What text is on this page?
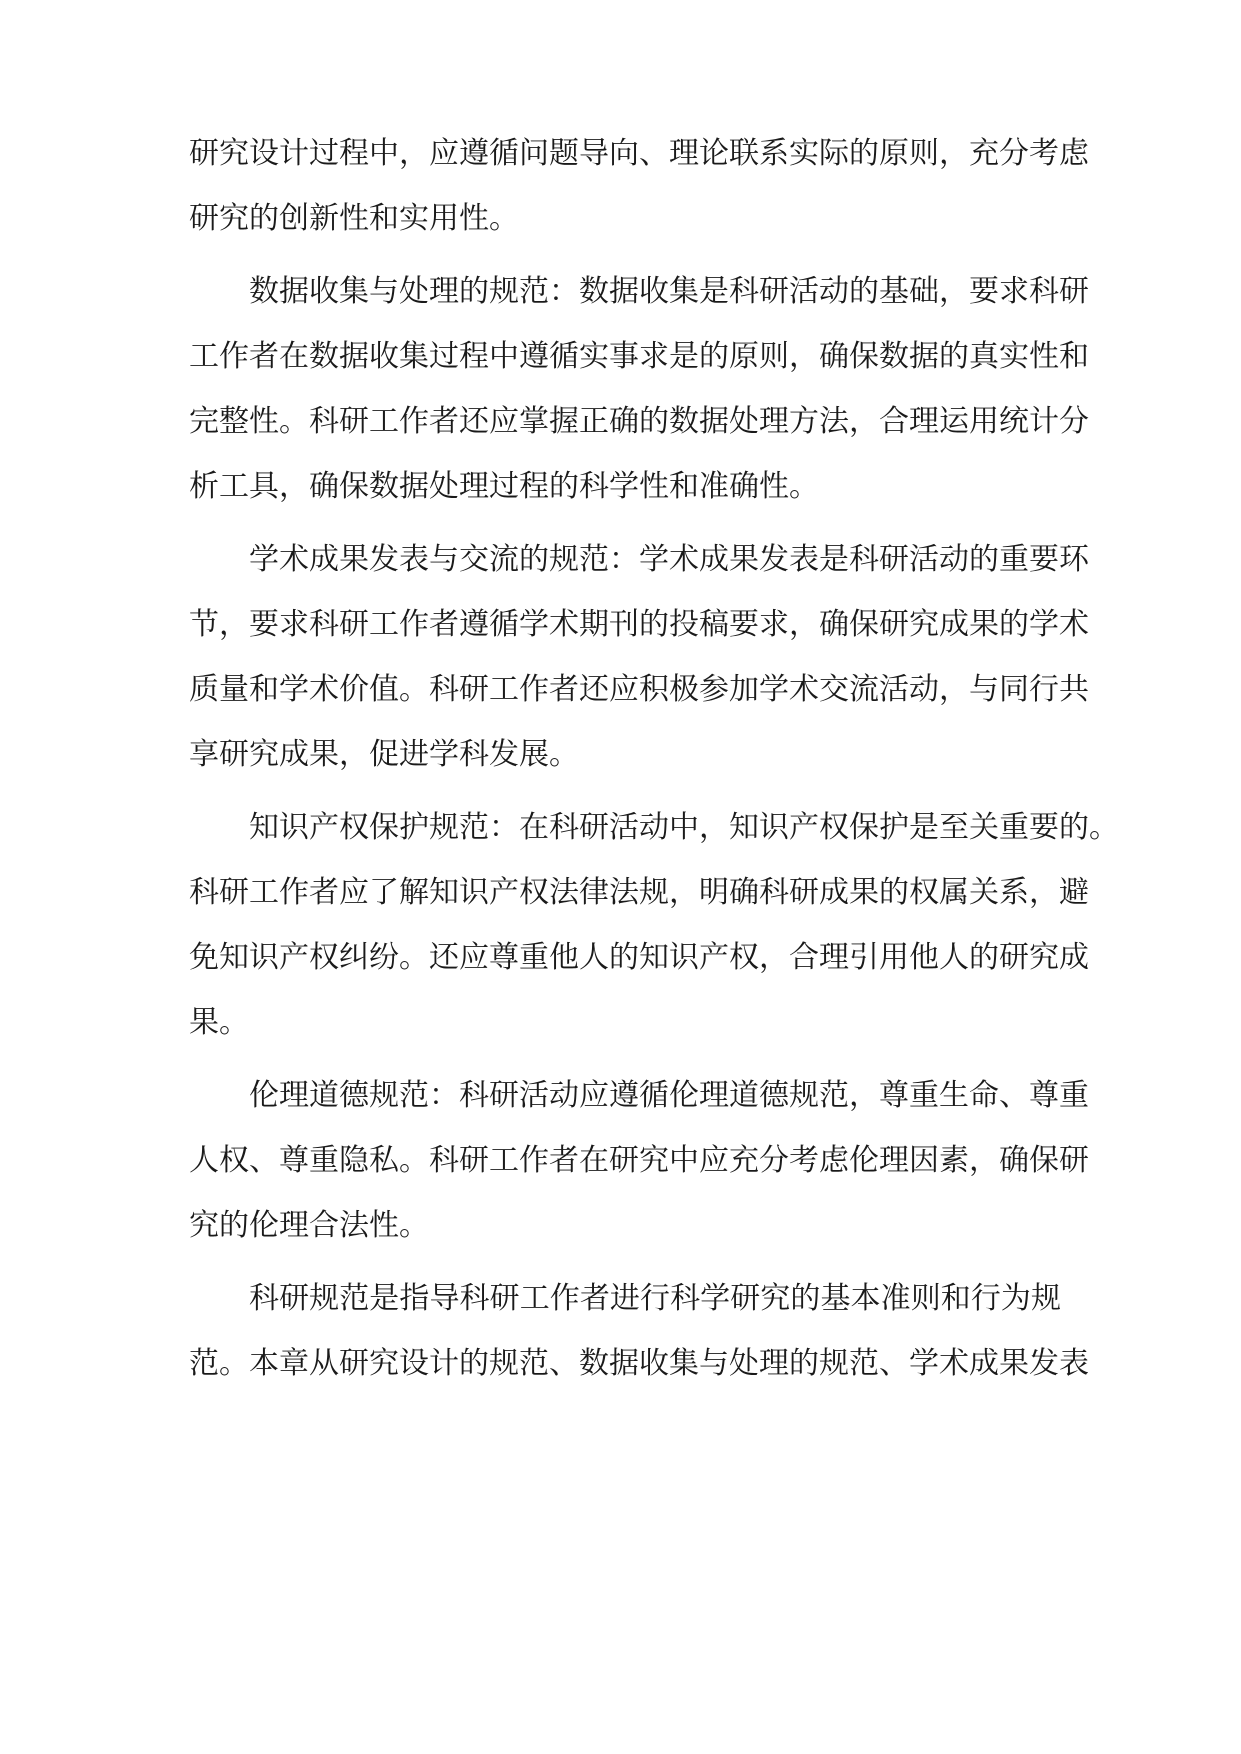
研究设计过程中，应遵循问题导向、理论联系实际的原则，充分考虑
研究的创新性和实用性。
数据收集与处理的规范：数据收集是科研活动的基础，要求科研
工作者在数据收集过程中遵循实事求是的原则，确保数据的真实性和
完整性。科研工作者还应掌握正确的数据处理方法，合理运用统计分
析工具，确保数据处理过程的科学性和准确性。
学术成果发表与交流的规范：学术成果发表是科研活动的重要环
节，要求科研工作者遵循学术期刊的投稿要求，确保研究成果的学术
质量和学术价值。科研工作者还应积极参加学术交流活动，与同行共
享研究成果，促进学科发展。
知识产权保护规范：在科研活动中，知识产权保护是至关重要的。
科研工作者应了解知识产权法律法规，明确科研成果的权属关系，避
免知识产权纠纷。还应尊重他人的知识产权，合理引用他人的研究成
果。
伦理道德规范：科研活动应遵循伦理道德规范，尊重生命、尊重
人权、尊重隐私。科研工作者在研究中应充分考虑伦理因素，确保研
究的伦理合法性。
科研规范是指导科研工作者进行科学研究的基本准则和行为规
范。本章从研究设计的规范、数据收集与处理的规范、学术成果发表
